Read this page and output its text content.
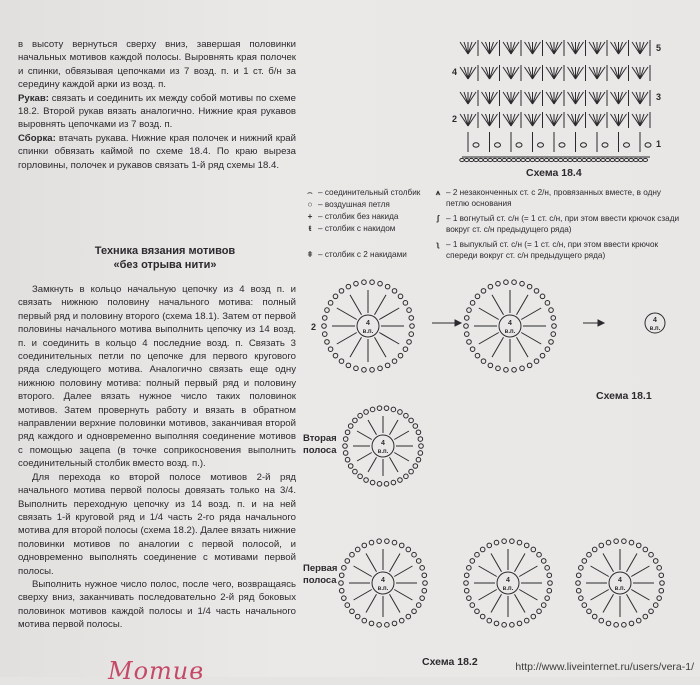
в высоту вернуться сверху вниз, завершая половинки начальных мотивов каждой полосы. Выровнять края полочек и спинки, обвязывая цепочками из 7 возд. п. и 1 ст. б/н за середину каждой арки из возд. п.

Рукав: связать и соединить их между собой мотивы по схеме 18.2. Второй рукав вязать аналогично. Нижние края рукавов выровнять цепочками из 7 возд. п.

Сборка: втачать рукава. Нижние края полочек и нижний край спинки обвязать каймой по схеме 18.4. По краю выреза горловины, полочек и рукавов связать 1-й ряд схемы 18.4.

Техника вязания мотивов
«без отрыва нити»

Замкнуть в кольцо начальную цепочку из 4 возд п. и связать нижнюю половину начального мотива: полный первый ряд и половину второго (схема 18.1). Затем от первой половины начального мотива выполнить цепочку из 14 возд. п. и соединить в кольцо 4 последние возд. п. Связать 3 соединительных петли по цепочке для первого кругового ряда следующего мотива. Аналогично связать еще одну нижнюю половину мотива: полный первый ряд и половину второго. Далее вязать нужное число таких половинок мотивов. Затем провернуть работу и вязать в обратном направлении верхние половинки мотивов, заканчивая второй ряд каждого и одновременно выполняя соединение мотивов с помощью зацепа (в точке соприкосновения выполнить соединительный столбик вместо возд. п.).

Для перехода ко второй полосе мотивов 2-й ряд начального мотива первой полосы довязать только на 3/4. Выполнить переходную цепочку из 14 возд. п. и на ней связать 1-й круговой ряд и 1/4 часть 2-го ряда начального мотива для второй полосы (схема 18.2). Далее вязать нижние половинки мотивов по аналогии с первой полосой, и одновременно выполнять соединение с мотивами первой полосы.

Выполнить нужное число полос, после чего, возвращаясь сверху вниз, заканчивать последовательно 2-й ряд боковых половинок мотивов каждой полосы и 1/4 часть начального мотива первой полосы.

4
в.п.
4
в.п.
4
в.п.
4
в.п.
4
в.п.
4
в.п.
4
в.п.
5
4
3
2
1
Схема 18.4
⌢ – соединительный столбик
○ – воздушная петля
+ – столбик без накида
ŧ – столбик с накидом
ǂ – столбик с 2 накидами
⩚ – 2 незаконченных ст. с 2/н, провязанных вместе, в одну петлю основания
ʃ – 1 вогнутый ст. с/н (= 1 ст. с/н, при этом ввести крючок сзади вокруг ст. с/н предыдущего ряда)
ʅ – 1 выпуклый ст. с/н (= 1 ст. с/н, при этом ввести крючок спереди вокруг ст. с/н предыдущего ряда)
Схема 18.1
Схема 18.2
2
Вторая
полоса
Первая
полоса
Мотив	http://www.liveinternet.ru/users/vera-1/
